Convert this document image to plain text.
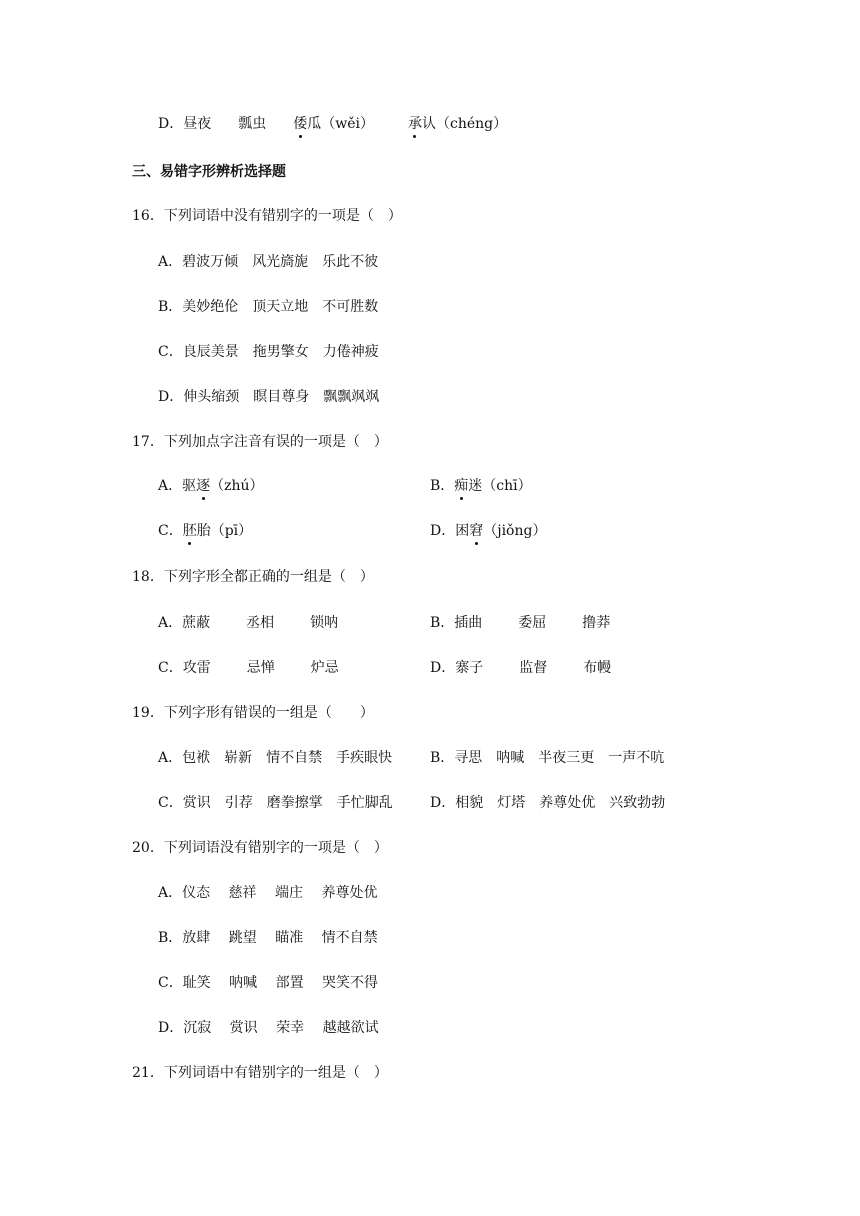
D．昼夜 瓢虫 倭瓜（wěi） 承认（chéng）
三、易错字形辨析选择题
16．下列词语中没有错别字的一项是（　）
A．碧波万倾　风光旖旎　乐此不彼
B．美妙绝伦　顶天立地　不可胜数
C．良辰美景　拖男擎女　力倦神疲
D．伸头缩颈　瞑目尊身　飘飘飒飒
17．下列加点字注音有误的一项是（　）
A．驱逐（zhú）	B．痴迷（chī）
C．胚胎（pī）	D．困窘（jiǒng）
18．下列字形全都正确的一组是（　）
A．蔗蔽	丞相	锁呐	B．插曲	委屈	撸莽
C．攻雷	忌惮	炉忌	D．寨子	监督	布幔
19．下列字形有错误的一组是（　　）
A．包袱　崭新　情不自禁　手疾眼快	B．寻思　呐喊　半夜三更　一声不吭
C．赏识　引荐　磨拳擦掌　手忙脚乱	D．相貌　灯塔　养尊处优　兴致勃勃
20．下列词语没有错别字的一项是（　）
A．仪态　 慈祥　 端庄　 养尊处优
B．放肆　 跳望　 瞄准　 情不自禁
C．耻笑　 呐喊　 部置　 哭笑不得
D．沉寂　 赏识　 荣幸　 越越欲试
21．下列词语中有错别字的一组是（　）
